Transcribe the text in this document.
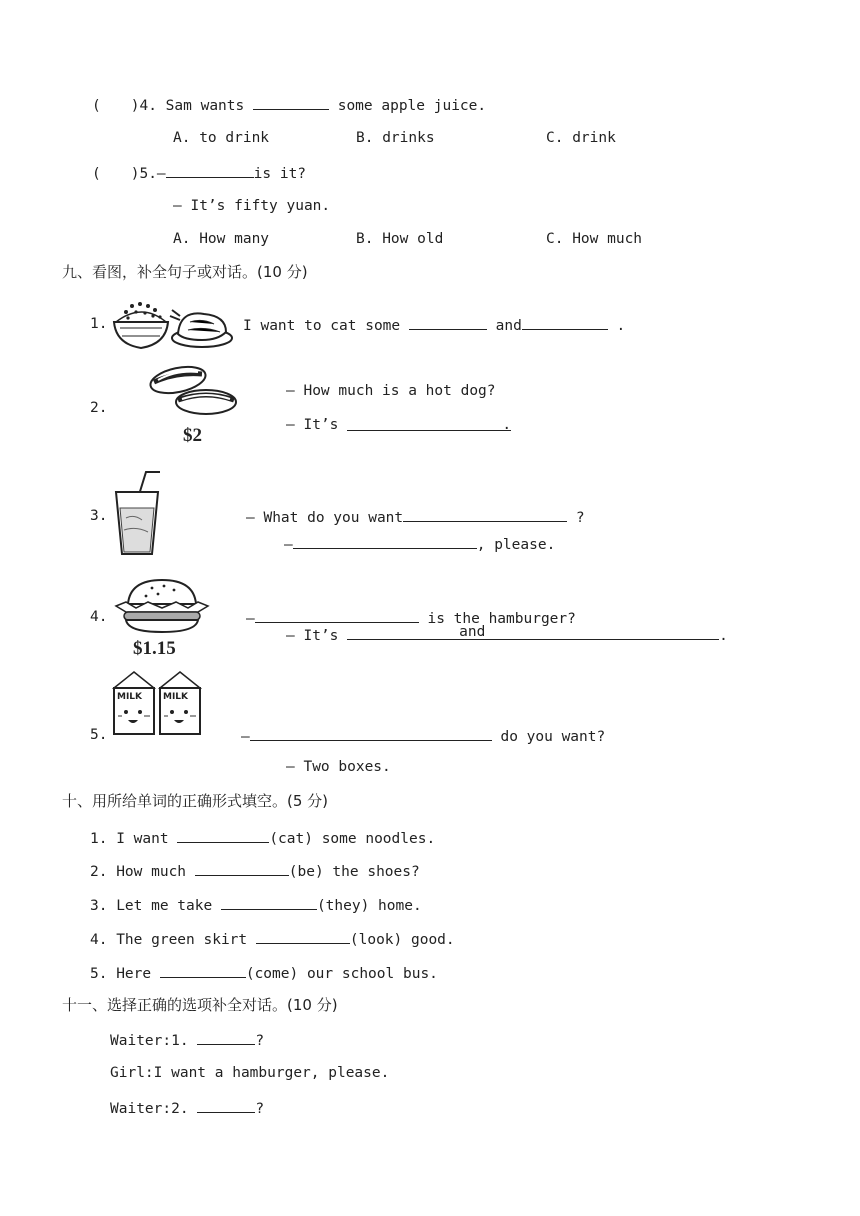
( )4. Sam wants	some apple juice.
A. to drink	B. drinks	C. drink
( )5.—	is it?
— It’s fifty yuan.
A. How many	B. How old	C. How much
九、看图，补全句子或对话。(10 分)
1.	I want to cat some	and	.
2.
$2
— How much is a hot dog?
— It’s	.
3.	— What do you want	?
—	, please.
4.
$1.15
—	is the hamburger?
— It’s	and	.
5.
MILK MILK
—	do you want?
— Two boxes.
十、用所给单词的正确形式填空。(5 分)
1. I want	(cat) some noodles.
2. How much	(be) the shoes?
3. Let me take	(they) home.
4. The green skirt	(look) good.
5. Here	(come) our school bus.
十一、选择正确的选项补全对话。(10 分)
Waiter:1.	?
Girl:I want a hamburger, please.
Waiter:2.	?
